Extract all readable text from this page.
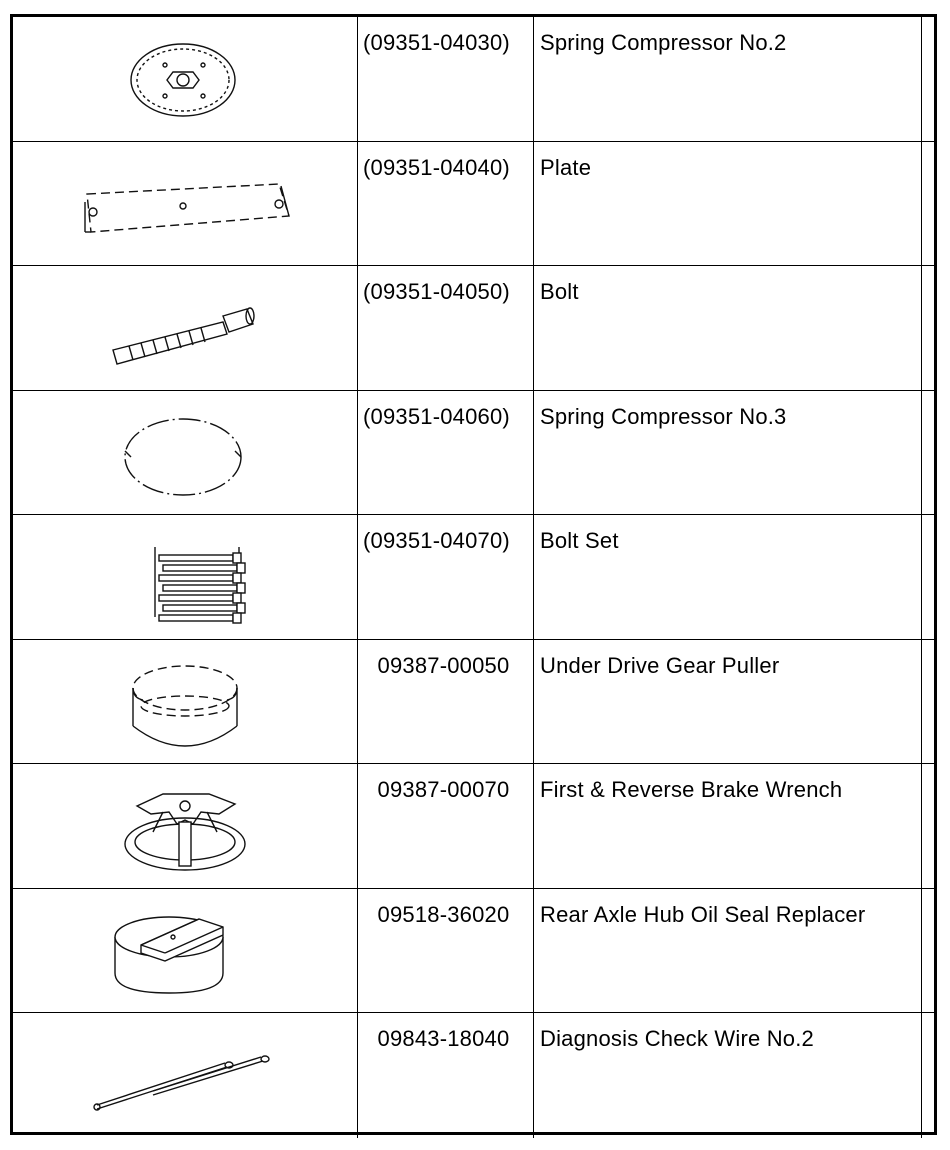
(09351-04030)	Spring Compressor No.2
(09351-04040)	Plate
(09351-04050)	Bolt
(09351-04060)	Spring Compressor No.3
(09351-04070)	Bolt Set
09387-00050	Under Drive Gear Puller
09387-00070	First & Reverse Brake Wrench
09518-36020	Rear Axle Hub Oil Seal Replacer
09843-18040	Diagnosis Check Wire No.2
